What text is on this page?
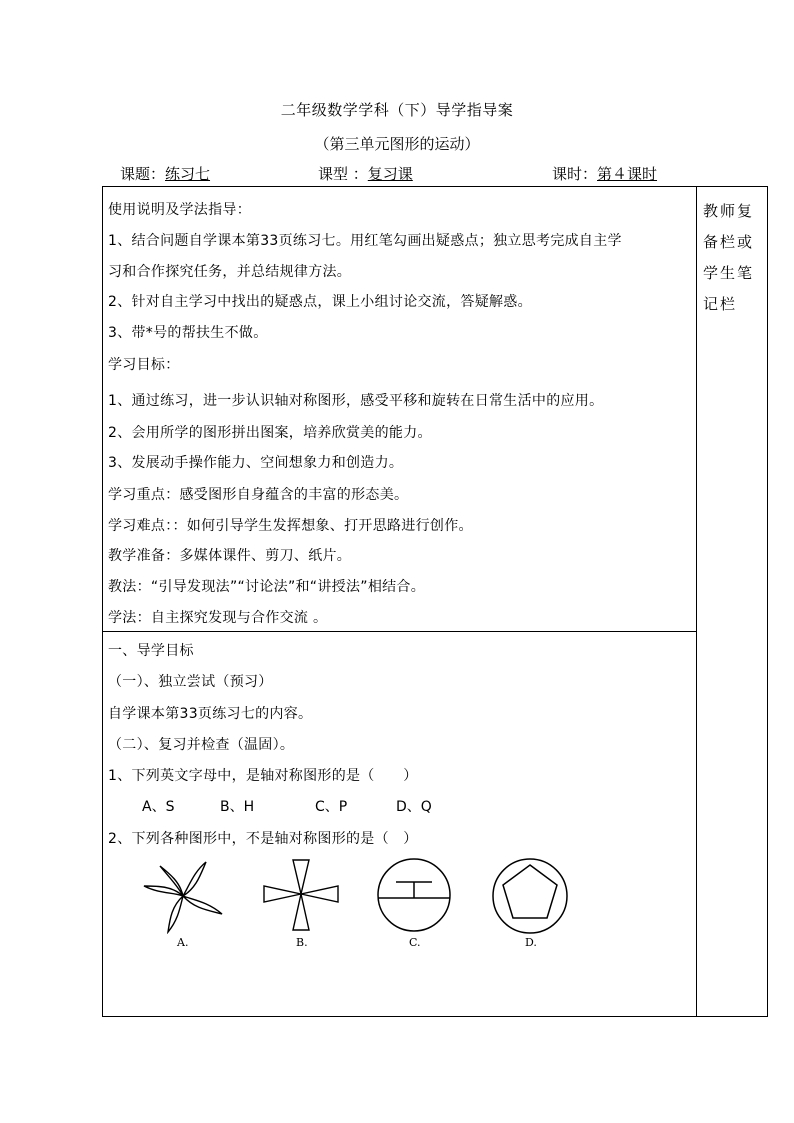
二年级数学学科（下）导学指导案
（第三单元图形的运动）
课题：练习七	课型 ：复习课	课时：第４课时
教师复备栏或学生笔记栏
使用说明及学法指导：
1、结合问题自学课本第33页练习七。用红笔勾画出疑惑点；独立思考完成自主学
习和合作探究任务，并总结规律方法。
2、针对自主学习中找出的疑惑点，课上小组讨论交流，答疑解惑。
3、带*号的帮扶生不做。
学习目标：
1、通过练习，进一步认识轴对称图形，感受平移和旋转在日常生活中的应用。
2、会用所学的图形拼出图案，培养欣赏美的能力。
3、发展动手操作能力、空间想象力和创造力。
学习重点：感受图形自身蕴含的丰富的形态美。
学习难点：：如何引导学生发挥想象、打开思路进行创作。
教学准备：多媒体课件、剪刀、纸片。
教法：“引导发现法”“讨论法”和“讲授法”相结合。
学法：自主探究发现与合作交流 。
一、导学目标
（一）、独立尝试（预习）
自学课本第33页练习七的内容。
（二）、复习并检查（温固）。
1、下列英文字母中，是轴对称图形的是（　　）
A、S	B、H	C、P	D、Q
2、下列各种图形中，不是轴对称图形的是（　）
A.	B.	C.	D.
